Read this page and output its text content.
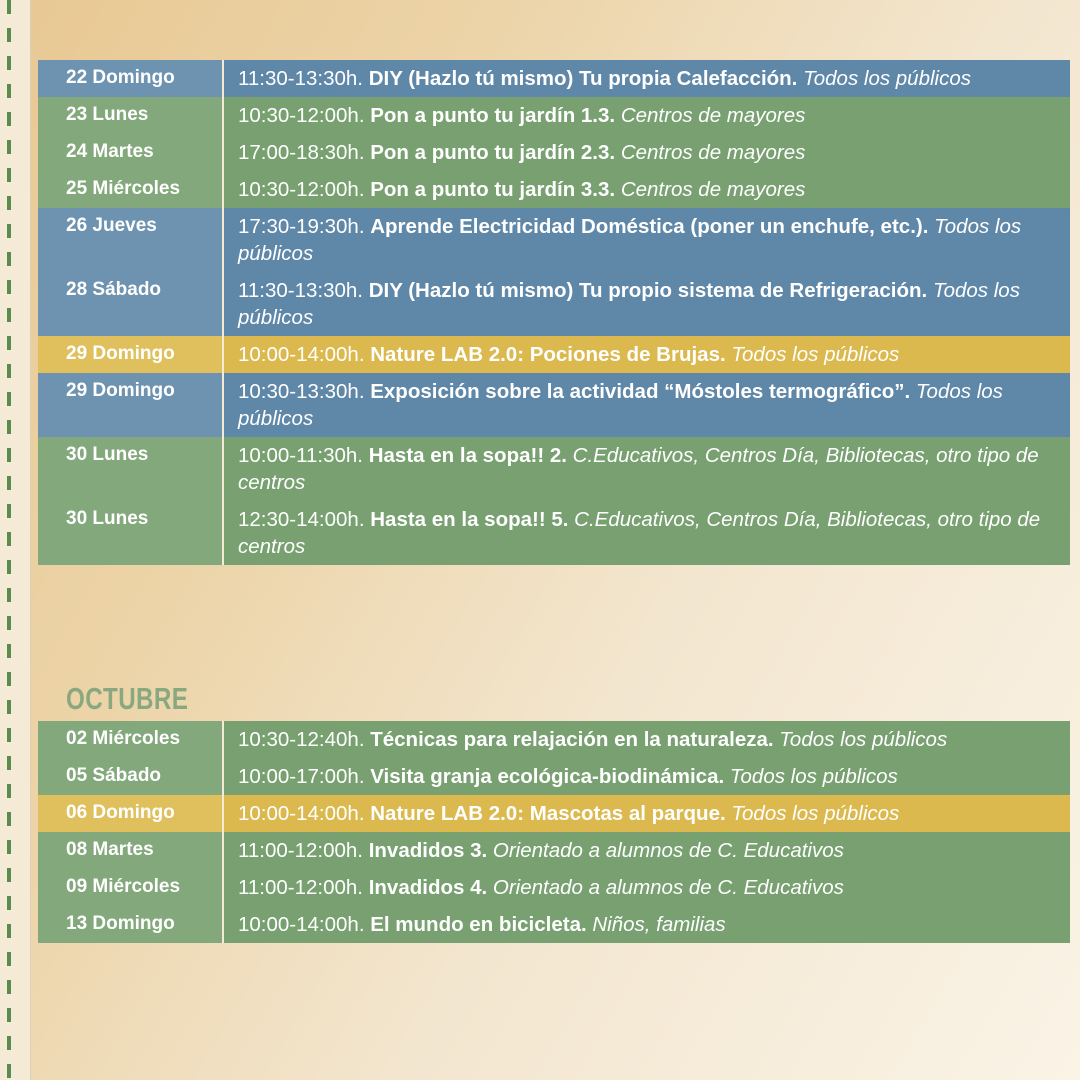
22 Domingo	11:30-13:30h. DIY (Hazlo tú mismo) Tu propia Calefacción. Todos los públicos
23 Lunes	10:30-12:00h. Pon a punto tu jardín 1.3. Centros de mayores
24 Martes	17:00-18:30h. Pon a punto tu jardín 2.3. Centros de mayores
25 Miércoles	10:30-12:00h. Pon a punto tu jardín 3.3. Centros de mayores
26 Jueves	17:30-19:30h. Aprende Electricidad Doméstica (poner un enchufe, etc.). Todos los públicos
28 Sábado	11:30-13:30h. DIY (Hazlo tú mismo) Tu propio sistema de Refrigeración. Todos los públicos
29 Domingo	10:00-14:00h. Nature LAB 2.0: Pociones de Brujas. Todos los públicos
29 Domingo	10:30-13:30h. Exposición sobre la actividad “Móstoles termográfico”. Todos los públicos
30 Lunes	10:00-11:30h. Hasta en la sopa!! 2. C.Educativos, Centros Día, Bibliotecas, otro tipo de centros
30 Lunes	12:30-14:00h. Hasta en la sopa!! 5. C.Educativos, Centros Día, Bibliotecas, otro tipo de centros
OCTUBRE
02 Miércoles	10:30-12:40h. Técnicas para relajación en la naturaleza. Todos los públicos
05 Sábado	10:00-17:00h. Visita granja ecológica-biodinámica. Todos los públicos
06 Domingo	10:00-14:00h. Nature LAB 2.0: Mascotas al parque. Todos los públicos
08 Martes	11:00-12:00h. Invadidos 3. Orientado a alumnos de C. Educativos
09 Miércoles	11:00-12:00h. Invadidos 4. Orientado a alumnos de C. Educativos
13 Domingo	10:00-14:00h. El mundo en bicicleta. Niños, familias
